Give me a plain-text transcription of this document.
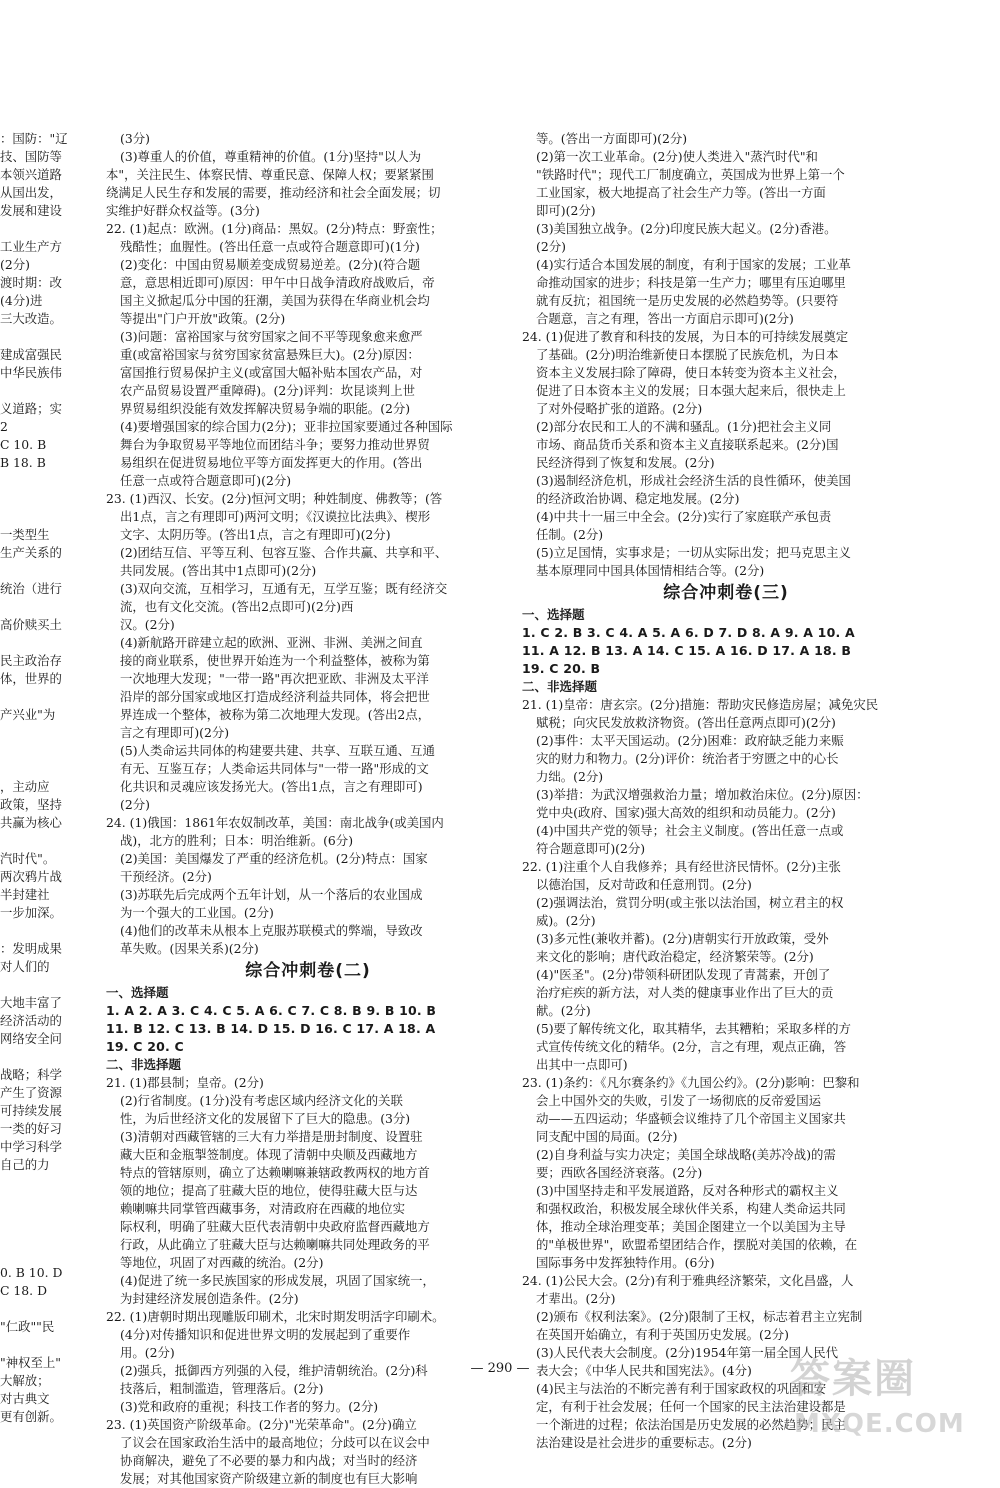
：国防："辽
技、国防等
本领兴道路
从国出发，
发展和建设
工业生产方
(2分)
渡时期：改
(4分)进
三大改造。
建成富强民
中华民族伟
义道路；实
2
C 10. B
B 18. B
一类型生
生产关系的
统治（进行
高价赎买土
民主政治存
体，世界的
产兴业"为
，主动应
政策，坚持
共赢为核心
汽时代"。
两次鸦片战
半封建社
一步加深。
：发明成果
对人们的
大地丰富了
经济活动的
网络安全问
战略；科学
产生了资源
可持续发展
一类的好习
中学习科学
自己的力
0. B 10. D
C 18. D
"仁政""民
"神权至上"
大解放；
对古典文
更有创新。
(3分)
(3)尊重人的价值，尊重精神的价值。(1分)坚持"以人为
本"，关注民生、体察民情、尊重民意、保障人权；要紧紧围
绕满足人民生存和发展的需要，推动经济和社会全面发展；切
实维护好群众权益等。(3分)
22. (1)起点：欧洲。(1分)商品：黑奴。(2分)特点：野蛮性；
残酷性；血腥性。(答出任意一点或符合题意即可)(1分)
(2)变化：中国由贸易顺差变成贸易逆差。(2分)(符合题
意，意思相近即可)原因：甲午中日战争清政府战败后，帝
国主义掀起瓜分中国的狂潮，美国为获得在华商业机会均
等提出"门户开放"政策。(2分)
(3)问题：富裕国家与贫穷国家之间不平等现象愈来愈严
重(或富裕国家与贫穷国家贫富悬殊巨大)。(2分)原因：
富国推行贸易保护主义(或富国大幅补贴本国农产品，对
农产品贸易设置严重障碍)。(2分)评判：坎昆谈判上世
界贸易组织没能有效发挥解决贸易争端的职能。(2分)
(4)要增强国家的综合国力(2分)；亚非拉国家要通过各种国际
舞台为争取贸易平等地位而团结斗争；要努力推动世界贸
易组织在促进贸易地位平等方面发挥更大的作用。(答出
任意一点或符合题意即可)(2分)
23. (1)西汉、长安。(2分)恒河文明；种姓制度、佛教等；(答
出1点，言之有理即可)两河文明；《汉谟拉比法典》、楔形
文字、太阴历等。(答出1点，言之有理即可)(2分)
(2)团结互信、平等互利、包容互鉴、合作共赢、共享和平、
共同发展。(答出其中1点即可)(2分)
(3)双向交流，互相学习，互通有无，互学互鉴；既有经济交
流，也有文化交流。(答出2点即可)(2分)西
汉。(2分)
(4)新航路开辟建立起的欧洲、亚洲、非洲、美洲之间直
接的商业联系，使世界开始连为一个利益整体，被称为第
一次地理大发现；"一带一路"再次把亚欧、非洲及太平洋
沿岸的部分国家或地区打造成经济利益共同体，将会把世
界连成一个整体，被称为第二次地理大发现。(答出2点，
言之有理即可)(2分)
(5)人类命运共同体的构建要共建、共享、互联互通、互通
有无、互鉴互存；人类命运共同体与"一带一路"形成的文
化共识和灵魂应该发扬光大。(答出1点，言之有理即可)
(2分)
24. (1)俄国：1861年农奴制改革，美国：南北战争(或美国内
战)，北方的胜利；日本：明治维新。(6分)
(2)美国：美国爆发了严重的经济危机。(2分)特点：国家
干预经济。(2分)
(3)苏联先后完成两个五年计划，从一个落后的农业国成
为一个强大的工业国。(2分)
(4)他们的改革未从根本上克服苏联模式的弊端，导致改
革失败。(因果关系)(2分)
综合冲刺卷(二)
一、选择题
1. A 2. A 3. C 4. C 5. A 6. C 7. C 8. B 9. B 10. B
11. B 12. C 13. B 14. D 15. D 16. C 17. A 18. A
19. C 20. C
二、非选择题
21. (1)郡县制；皇帝。(2分)
(2)行省制度。(1分)没有考虑区域内经济文化的关联
性，为后世经济文化的发展留下了巨大的隐患。(3分)
(3)清朝对西藏管辖的三大有力举措是册封制度、设置驻
藏大臣和金瓶掣签制度。体现了清朝中央顺及西藏地方
特点的管辖原则，确立了达赖喇嘛兼辖政教两权的地方首
领的地位；提高了驻藏大臣的地位，使得驻藏大臣与达
赖喇嘛共同掌管西藏事务，对清政府在西藏的地位实
际权利，明确了驻藏大臣代表清朝中央政府监督西藏地方
行政，从此确立了驻藏大臣与达赖喇嘛共同处理政务的平
等地位，巩固了对西藏的统治。(2分)
(4)促进了统一多民族国家的形成发展，巩固了国家统一，
为封建经济发展创造条件。(2分)
22. (1)唐朝时期出现雕版印刷术，北宋时期发明活字印刷术。
(4分)对传播知识和促进世界文明的发展起到了重要作
用。(2分)
(2)强兵，抵御西方列强的入侵，维护清朝统治。(2分)科
技落后，粗制滥造，管理落后。(2分)
(3)党和政府的重视；科技工作者的努力。(2分)
23. (1)英国资产阶级革命。(2分)"光荣革命"。(2分)确立
了议会在国家政治生活中的最高地位；分歧可以在议会中
协商解决，避免了不必要的暴力和内战；对当时的经济
发展；对其他国家资产阶级建立新的制度也有巨大影响
等。(答出一方面即可)(2分)
(2)第一次工业革命。(2分)使人类进入"蒸汽时代"和
"铁路时代"；现代工厂制度确立，英国成为世界上第一个
工业国家，极大地提高了社会生产力等。(答出一方面
即可)(2分)
(3)美国独立战争。(2分)印度民族大起义。(2分)香港。
(2分)
(4)实行适合本国发展的制度，有利于国家的发展；工业革
命推动国家的进步；科技是第一生产力；哪里有压迫哪里
就有反抗；祖国统一是历史发展的必然趋势等。(只要符
合题意，言之有理，答出一方面启示即可)(2分)
24. (1)促进了教育和科技的发展，为日本的可持续发展奠定
了基础。(2分)明治维新使日本摆脱了民族危机，为日本
资本主义发展扫除了障碍，使日本转变为资本主义社会，
促进了日本资本主义的发展；日本强大起来后，很快走上
了对外侵略扩张的道路。(2分)
(2)部分农民和工人的不满和骚乱。(1分)把社会主义同
市场、商品货币关系和资本主义直接联系起来。(2分)国
民经济得到了恢复和发展。(2分)
(3)遏制经济危机，形成社会经济生活的良性循环，使美国
的经济政治协调、稳定地发展。(2分)
(4)中共十一届三中全会。(2分)实行了家庭联产承包责
任制。(2分)
(5)立足国情，实事求是；一切从实际出发；把马克思主义
基本原理同中国具体国情相结合等。(2分)
综合冲刺卷(三)
一、选择题
1. C 2. B 3. C 4. A 5. A 6. D 7. D 8. A 9. A 10. A
11. A 12. B 13. A 14. C 15. A 16. D 17. A 18. B
19. C 20. B
二、非选择题
21. (1)皇帝：唐玄宗。(2分)措施：帮助灾民修造房屋；减免灾民
赋税；向灾民发放救济物资。(答出任意两点即可)(2分)
(2)事件：太平天国运动。(2分)困难：政府缺乏能力来赈
灾的财力和物力。(2分)评价：统治者于穷匮之中的心长
力绌。(2分)
(3)举措：为武汉增强救治力量；增加救治床位。(2分)原因：
党中央(政府、国家)强大高效的组织和动员能力。(2分)
(4)中国共产党的领导；社会主义制度。(答出任意一点或
符合题意即可)(2分)
22. (1)注重个人自我修养；具有经世济民情怀。(2分)主张
以德治国，反对苛政和任意刑罚。(2分)
(2)强调法治，赏罚分明(或主张以法治国，树立君主的权
威)。(2分)
(3)多元性(兼收并蓄)。(2分)唐朝实行开放政策，受外
来文化的影响；唐代政治稳定，经济繁荣等。(2分)
(4)"医圣"。(2分)带领科研团队发现了青蒿素，开创了
治疗疟疾的新方法，对人类的健康事业作出了巨大的贡
献。(2分)
(5)要了解传统文化，取其精华，去其糟粕；采取多样的方
式宣传传统文化的精华。(2分，言之有理，观点正确，答
出其中一点即可)
23. (1)条约：《凡尔赛条约》《九国公约》。(2分)影响：巴黎和
会上中国外交的失败，引发了一场彻底的反帝爱国运
动——五四运动；华盛顿会议维持了几个帝国主义国家共
同支配中国的局面。(2分)
(2)自身利益与实力决定；美国全球战略(美苏冷战)的需
要；西欧各国经济衰落。(2分)
(3)中国坚持走和平发展道路，反对各种形式的霸权主义
和强权政治，积极发展全球伙伴关系，构建人类命运共同
体，推动全球治理变革；美国企图建立一个以美国为主导
的"单极世界"，欧盟希望团结合作，摆脱对美国的依赖，在
国际事务中发挥独特作用。(6分)
24. (1)公民大会。(2分)有利于雅典经济繁荣，文化昌盛，人
才辈出。(2分)
(2)颁布《权利法案》。(2分)限制了王权，标志着君主立宪制
在英国开始确立，有利于英国历史发展。(2分)
(3)人民代表大会制度。(2分)1954年第一届全国人民代
表大会；《中华人民共和国宪法》。(4分)
(4)民主与法治的不断完善有利于国家政权的巩固和安
定，有利于社会发展；任何一个国家的民主法治建设都是
一个渐进的过程；依法治国是历史发展的必然趋势；民主
法治建设是社会进步的重要标志。(2分)
— 290 —	答案圈
MXQE.COM
